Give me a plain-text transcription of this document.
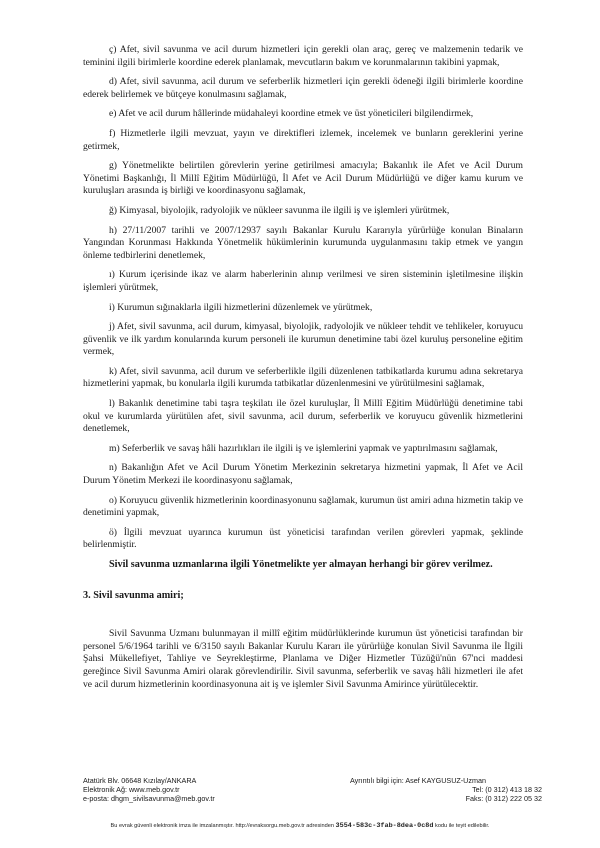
ç) Afet, sivil savunma ve acil durum hizmetleri için gerekli olan araç, gereç ve malzemenin tedarik ve teminini ilgili birimlerle koordine ederek planlamak, mevcutların bakım ve korunmalarının takibini yapmak,

d) Afet, sivil savunma, acil durum ve seferberlik hizmetleri için gerekli ödeneği ilgili birimlerle koordine ederek belirlemek ve bütçeye konulmasını sağlamak,

e) Afet ve acil durum hâllerinde müdahaleyi koordine etmek ve üst yöneticileri bilgilendirmek,

f) Hizmetlerle ilgili mevzuat, yayın ve direktifleri izlemek, incelemek ve bunların gereklerini yerine getirmek,

g) Yönetmelikte belirtilen görevlerin yerine getirilmesi amacıyla; Bakanlık ile Afet ve Acil Durum Yönetimi Başkanlığı, İl Millî Eğitim Müdürlüğü, İl Afet ve Acil Durum Müdürlüğü ve diğer kamu kurum ve kuruluşları arasında iş birliği ve koordinasyonu sağlamak,

ğ) Kimyasal, biyolojik, radyolojik ve nükleer savunma ile ilgili iş ve işlemleri yürütmek,

h) 27/11/2007 tarihli ve 2007/12937 sayılı Bakanlar Kurulu Kararıyla yürürlüğe konulan Binaların Yangından Korunması Hakkında Yönetmelik hükümlerinin kurumunda uygulanmasını takip etmek ve yangın önleme tedbirlerini denetlemek,

ı) Kurum içerisinde ikaz ve alarm haberlerinin alınıp verilmesi ve siren sisteminin işletilmesine ilişkin işlemleri yürütmek,

i) Kurumun sığınaklarla ilgili hizmetlerini düzenlemek ve yürütmek,

j) Afet, sivil savunma, acil durum, kimyasal, biyolojik, radyolojik ve nükleer tehdit ve tehlikeler, koruyucu güvenlik ve ilk yardım konularında kurum personeli ile kurumun denetimine tabi özel kuruluş personeline eğitim vermek,

k) Afet, sivil savunma, acil durum ve seferberlikle ilgili düzenlenen tatbikatlarda kurumu adına sekretarya hizmetlerini yapmak, bu konularla ilgili kurumda tatbikatlar düzenlenmesini ve yürütülmesini sağlamak,

l) Bakanlık denetimine tabi taşra teşkilatı ile özel kuruluşlar, İl Millî Eğitim Müdürlüğü denetimine tabi okul ve kurumlarda yürütülen afet, sivil savunma, acil durum, seferberlik ve koruyucu güvenlik hizmetlerini denetlemek,

m) Seferberlik ve savaş hâli hazırlıkları ile ilgili iş ve işlemlerini yapmak ve yaptırılmasını sağlamak,

n) Bakanlığın Afet ve Acil Durum Yönetim Merkezinin sekretarya hizmetini yapmak, İl Afet ve Acil Durum Yönetim Merkezi ile koordinasyonu sağlamak,

o) Koruyucu güvenlik hizmetlerinin koordinasyonunu sağlamak, kurumun üst amiri adına hizmetin takip ve denetimini yapmak,

ö) İlgili mevzuat uyarınca kurumun üst yöneticisi tarafından verilen görevleri yapmak, şeklinde belirlenmiştir.

Sivil savunma uzmanlarına ilgili Yönetmelikte yer almayan herhangi bir görev verilmez.

3. Sivil savunma amiri;

Sivil Savunma Uzmanı bulunmayan il millî eğitim müdürlüklerinde kurumun üst yöneticisi tarafından bir personel 5/6/1964 tarihli ve 6/3150 sayılı Bakanlar Kurulu Kararı ile yürürlüğe konulan Sivil Savunma ile İlgili Şahsi Mükellefiyet, Tahliye ve Seyrekleştirme, Planlama ve Diğer Hizmetler Tüzüğü'nün 67'nci maddesi gereğince Sivil Savunma Amiri olarak görevlendirilir. Sivil savunma, seferberlik ve savaş hâli hizmetleri ile afet ve acil durum hizmetlerinin koordinasyonuna ait iş ve işlemler Sivil Savunma Amirince yürütülecektir.

Atatürk Blv. 06648 Kızılay/ANKARA
Elektronik Ağ: www.meb.gov.tr
e-posta: dhgm_sivilsavunma@meb.gov.tr
Ayrıntılı bilgi için: Asef KAYGUSUZ-Uzman
Tel: (0 312) 413 18 32
Faks: (0 312) 222 05 32
Bu evrak güvenli elektronik imza ile imzalanmıştır. http://evraksorgu.meb.gov.tr adresinden 3554-583c-3fab-8dea-0c8d kodu ile teyit edilebilir.
